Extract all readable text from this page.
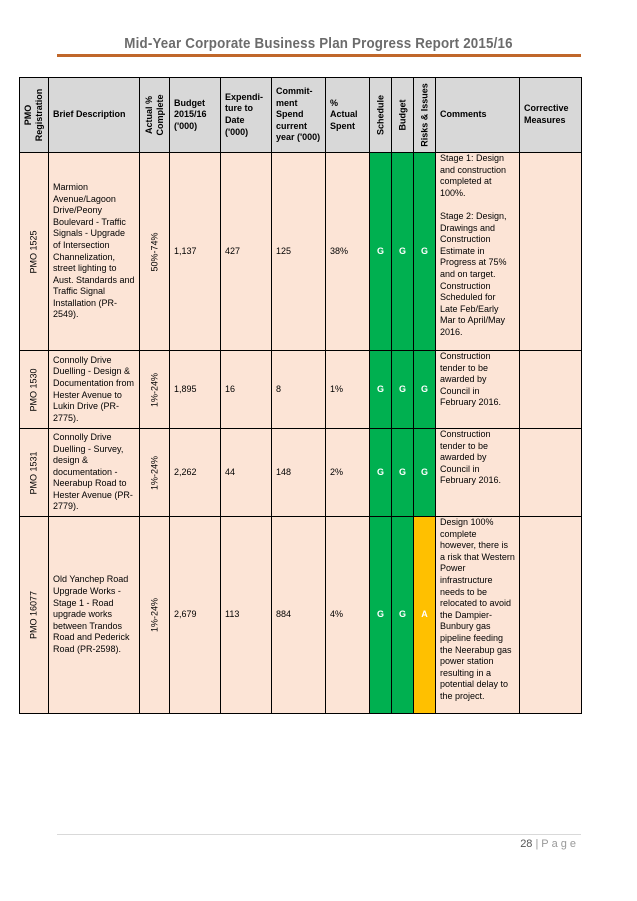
Mid-Year Corporate Business Plan Progress Report 2015/16
PMO Registration	Brief Description	Actual % Complete	Budget 2015/16 ('000)	Expendi-ture to Date ('000)	Commit-ment Spend current year ('000)	% Actual Spent	Schedule	Budget	Risks & Issues	Comments	Corrective Measures

PMO 1525	Marmion Avenue/Lagoon Drive/Peony Boulevard - Traffic Signals - Upgrade of Intersection Channelization, street lighting to Aust. Standards and Traffic Signal Installation (PR-2549).	50%-74%	1,137	427	125	38%	G	G	G	Stage 1: Design and construction completed at 100%.

Stage 2: Design, Drawings and Construction Estimate in Progress at 75% and on target. Construction Scheduled for Late Feb/Early Mar to April/May 2016.	

PMO 1530	Connolly Drive Duelling - Design & Documentation from Hester Avenue to Lukin Drive (PR-2775).	1%-24%	1,895	16	8	1%	G	G	G	Construction tender to be awarded by Council in February 2016.	

PMO 1531	Connolly Drive Duelling - Survey, design & documentation - Neerabup Road to Hester Avenue (PR-2779).	1%-24%	2,262	44	148	2%	G	G	G	Construction tender to be awarded by Council in February 2016.	

PMO 16077	Old Yanchep Road Upgrade Works - Stage 1 - Road upgrade works between Trandos Road and Pederick Road (PR-2598).	1%-24%	2,679	113	884	4%	G	G	A	Design 100% complete however, there is a risk that Western Power infrastructure needs to be relocated to avoid the Dampier-Bunbury gas pipeline feeding the Neerabup gas power station resulting in a potential delay to the project.	
28 | Page
